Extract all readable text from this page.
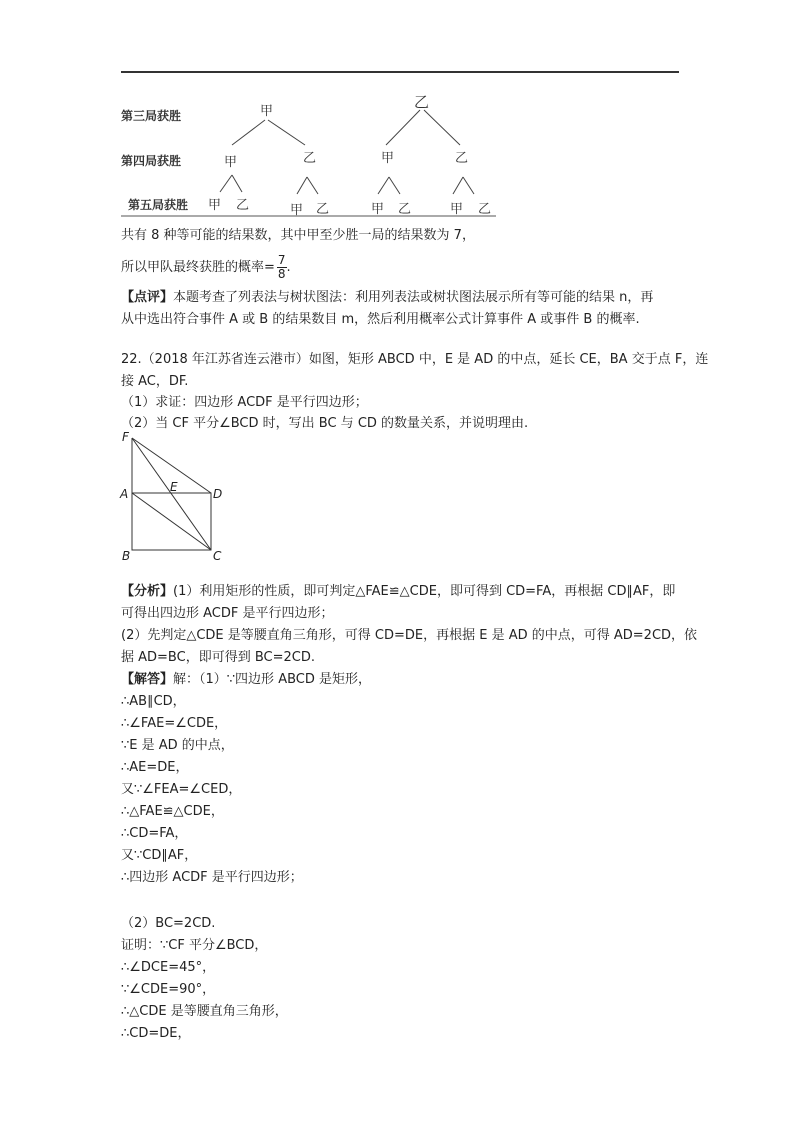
第三局获胜
第四局获胜
第五局获胜
甲
乙
甲	乙	甲	乙
甲 乙	甲 乙	甲 乙	甲 乙
共有 8 种等可能的结果数，其中甲至少胜一局的结果数为 7，
所以甲队最终获胜的概率= $\frac{7}{8}$ .
【点评】本题考查了列表法与树状图法：利用列表法或树状图法展示所有等可能的结果 n，再
从中选出符合事件 A 或 B 的结果数目 m，然后利用概率公式计算事件 A 或事件 B 的概率.
22.（2018 年江苏省连云港市）如图，矩形 ABCD 中，E 是 AD 的中点，延长 CE，BA 交于点 F，连
接 AC，DF.
（1）求证：四边形 ACDF 是平行四边形；
（2）当 CF 平分∠BCD 时，写出 BC 与 CD 的数量关系，并说明理由.
F
A	E	D
B	C
【分析】(1）利用矩形的性质，即可判定△FAE≌△CDE，即可得到 CD=FA，再根据 CD∥AF，即
可得出四边形 ACDF 是平行四边形；
(2）先判定△CDE 是等腰直角三角形，可得 CD=DE，再根据 E 是 AD 的中点，可得 AD=2CD，依
据 AD=BC，即可得到 BC=2CD.
【解答】解：（1）∵四边形 ABCD 是矩形，
∴AB∥CD，
∴∠FAE=∠CDE，
∵E 是 AD 的中点，
∴AE=DE，
又∵∠FEA=∠CED，
∴△FAE≌△CDE，
∴CD=FA，
又∵CD∥AF，
∴四边形 ACDF 是平行四边形；
（2）BC=2CD.
证明：∵CF 平分∠BCD，
∴∠DCE=45°，
∵∠CDE=90°，
∴△CDE 是等腰直角三角形，
∴CD=DE，
